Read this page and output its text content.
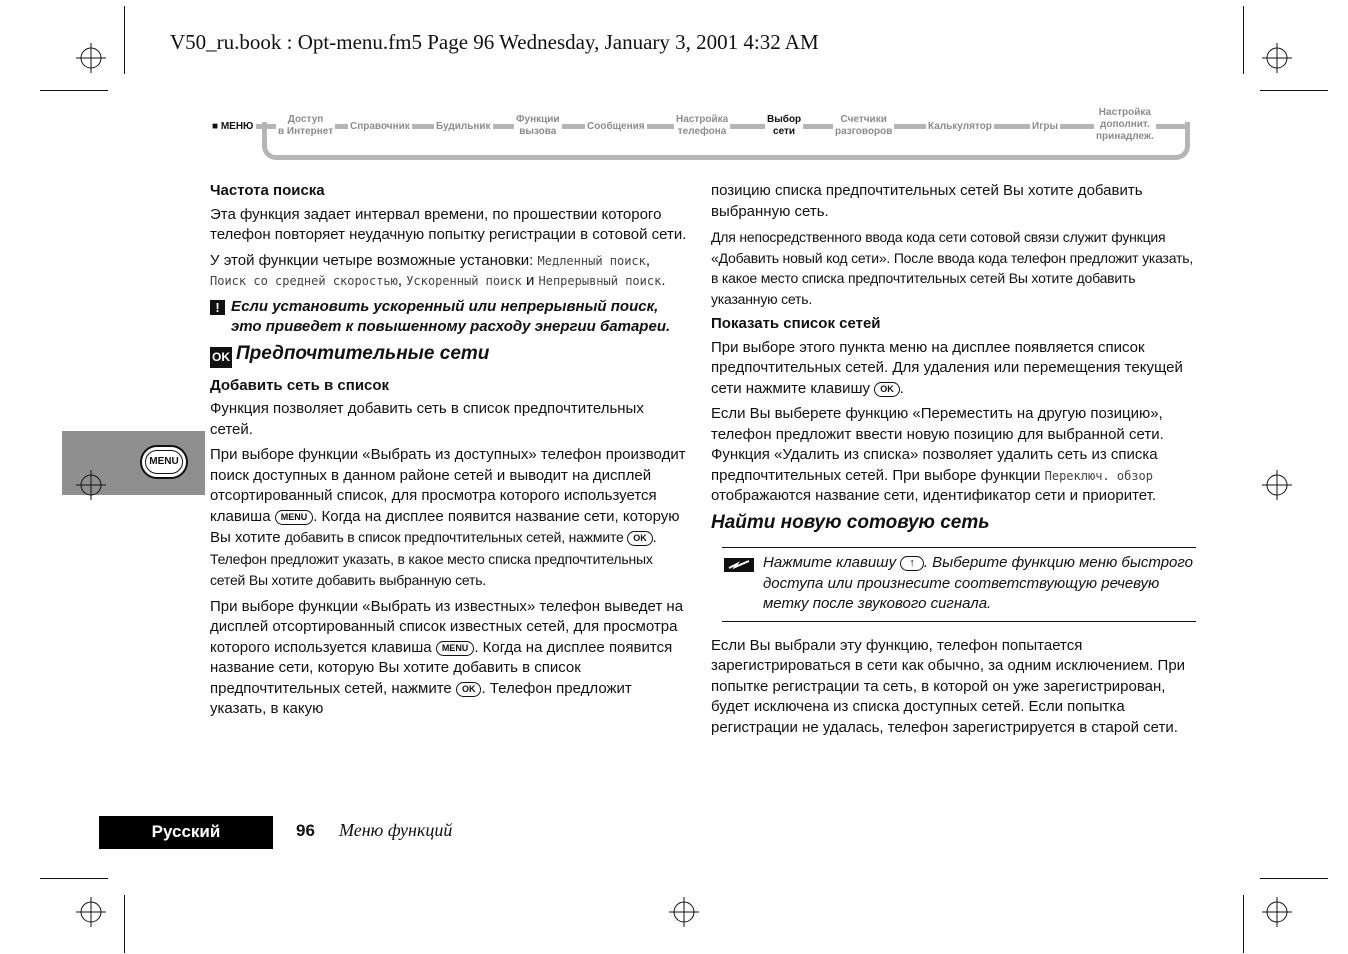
V50_ru.book : Opt-menu.fm5 Page 96 Wednesday, January 3, 2001 4:32 AM
■ МЕНЮ
Доступ
в Интернет Справочник	Будильник
Функции
вызова	Сообщения
Настройка
телефона
Выбор
сети
Счетчики
разговоров	Калькулятор	Игры
Настройка
дополнит.
принадлеж.
MENU
Частота поиска

Эта функция задает интервал времени, по прошествии которого телефон повторяет неудачную попытку регистрации в сотовой сети.

У этой функции четыре возможные установки: Медленный поиск, Поиск со средней скоростью, Ускоренный поиск и Непрерывный поиск.

! Если установить ускоренный или непрерывный поиск, это приведет к повышенному расходу энергии батареи.

OK Предпочтительные сети
Добавить сеть в список

Функция позволяет добавить сеть в список предпочтительных сетей.

При выборе функции «Выбрать из доступных» телефон производит поиск доступных в данном районе сетей и выводит на дисплей отсортированный список, для просмотра которого используется клавиша MENU . Когда на дисплее появится название сети, которую Вы хотите добавить в список предпочтительных сетей, нажмите OK . Телефон предложит указать, в какое место списка предпочтительных сетей Вы хотите добавить выбранную сеть.

При выборе функции «Выбрать из известных» телефон выведет на дисплей отсортированный список известных сетей, для просмотра которого используется клавиша MENU . Когда на дисплее появится название сети, которую Вы хотите добавить в список предпочтительных сетей, нажмите OK . Телефон предложит указать, в какую

позицию списка предпочтительных сетей Вы хотите добавить выбранную сеть.

Для непосредственного ввода кода сети сотовой связи служит функция «Добавить новый код сети». После ввода кода телефон предложит указать, в какое место списка предпочтительных сетей Вы хотите добавить указанную сеть.

Показать список сетей

При выборе этого пункта меню на дисплее появляется список предпочтительных сетей. Для удаления или перемещения текущей сети нажмите клавишу OK .

Если Вы выберете функцию «Переместить на другую позицию», телефон предложит ввести новую позицию для выбранной сети. Функция «Удалить из списка» позволяет удалить сеть из списка предпочтительных сетей. При выборе функции Переключ. обзор отображаются название сети, идентификатор сети и приоритет.

Найти новую сотовую сеть
Нажмите клавишу ↑ . Выберите функцию меню быстрого доступа или произнесите соответствующую речевую метку после звукового сигнала.

Если Вы выбрали эту функцию, телефон попытается зарегистрироваться в сети как обычно, за одним исключением. При попытке регистрации та сеть, в которой он уже зарегистрирован, будет исключена из списка доступных сетей. Если попытка регистрации не удалась, телефон зарегистрируется в старой сети.

Русский	96 Меню функций
